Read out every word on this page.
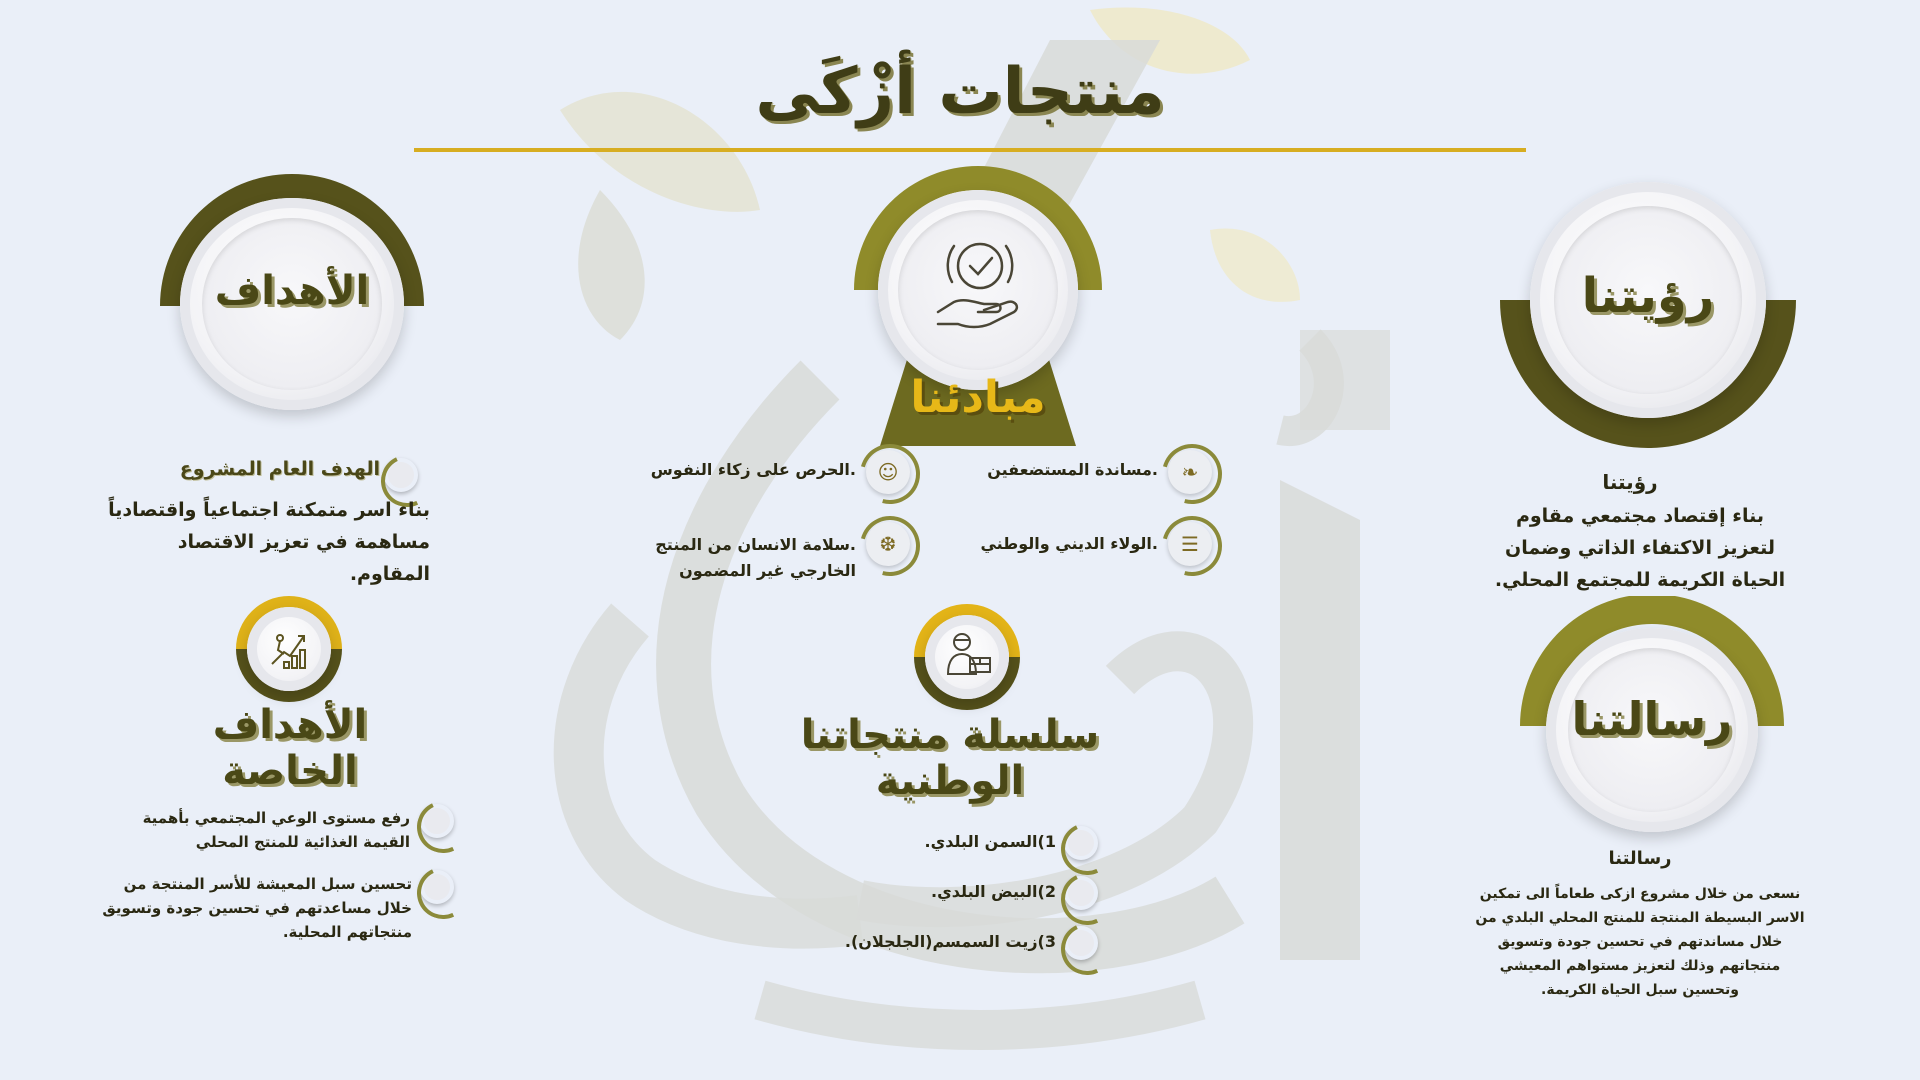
منتجات أزْكَى
الأهداف
الهدف العام المشروع
بناء اسر متمكنة اجتماعياً واقتصادياً مساهمة في تعزيز الاقتصاد المقاوم.
الأهداف الخاصة
رفع مستوى الوعي المجتمعي بأهمية القيمة الغذائية للمنتج المحلي
تحسين سبل المعيشة للأسر المنتجة من خلال مساعدتهم في تحسين جودة وتسويق منتجاتهم المحلية.
مبادئنا
❧
.مساندة المستضعفين
☺
.الحرص على زكاء النفوس
☰
.الولاء الديني والوطني
❆
.سلامة الانسان من المنتج الخارجي غير المضمون
سلسلة منتجاتنا الوطنية
1)السمن البلدي.
2)البيض البلدي.
3)زيت السمسم(الجلجلان).
رؤيتنا
رؤيتنا
بناء إقتصاد مجتمعي مقاوم لتعزيز الاكتفاء الذاتي وضمان الحياة الكريمة للمجتمع المحلي.
رسالتنا
رسالتنا
نسعى من خلال مشروع ازكى طعاماً الى تمكين الاسر البسيطة المنتجة للمنتج المحلي البلدي من خلال مساندتهم في تحسين جودة وتسويق منتجاتهم وذلك لتعزيز مستواهم المعيشي وتحسين سبل الحياة الكريمة.
